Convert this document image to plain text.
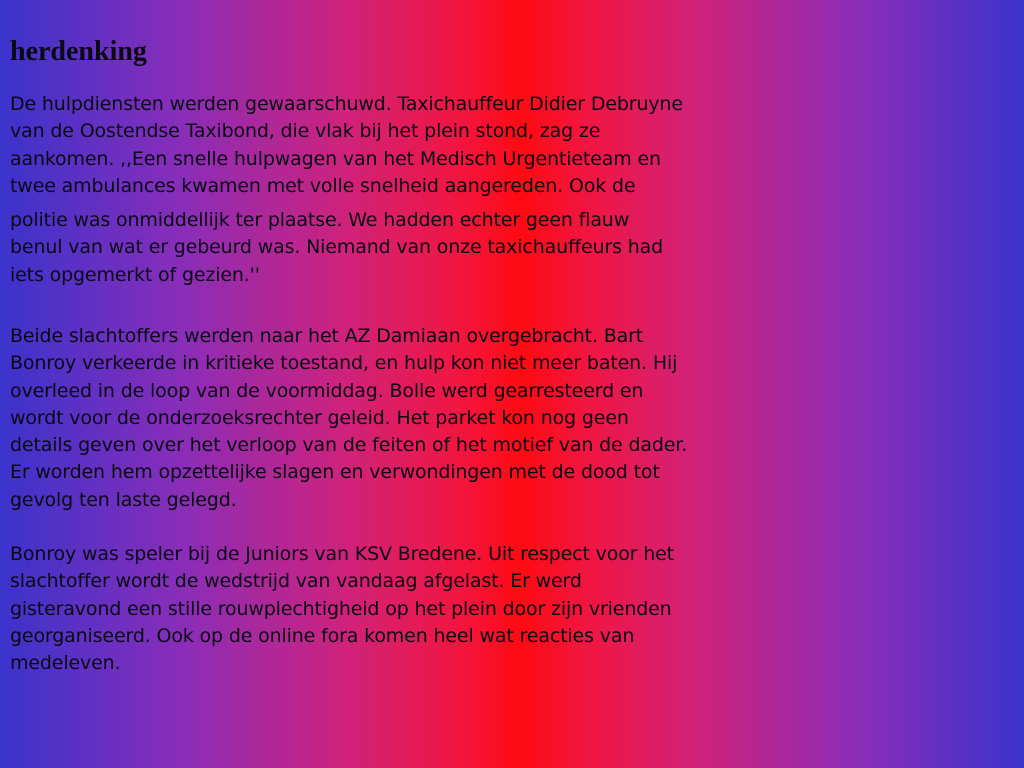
herdenking
De hulpdiensten werden gewaarschuwd. Taxichauffeur Didier Debruyne
van de Oostendse Taxibond, die vlak bij het plein stond, zag ze
aankomen. ,,Een snelle hulpwagen van het Medisch Urgentieteam en
twee ambulances kwamen met volle snelheid aangereden. Ook de
politie was onmiddellijk ter plaatse. We hadden echter geen flauw
benul van wat er gebeurd was. Niemand van onze taxichauffeurs had
iets opgemerkt of gezien.''
Beide slachtoffers werden naar het AZ Damiaan overgebracht. Bart
Bonroy verkeerde in kritieke toestand, en hulp kon niet meer baten. Hij
overleed in de loop van de voormiddag. Bolle werd gearresteerd en
wordt voor de onderzoeksrechter geleid. Het parket kon nog geen
details geven over het verloop van de feiten of het motief van de dader.
Er worden hem opzettelijke slagen en verwondingen met de dood tot
gevolg ten laste gelegd.
Bonroy was speler bij de Juniors van KSV Bredene. Uit respect voor het
slachtoffer wordt de wedstrijd van vandaag afgelast. Er werd
gisteravond een stille rouwplechtigheid op het plein door zijn vrienden
georganiseerd. Ook op de online fora komen heel wat reacties van
medeleven.
